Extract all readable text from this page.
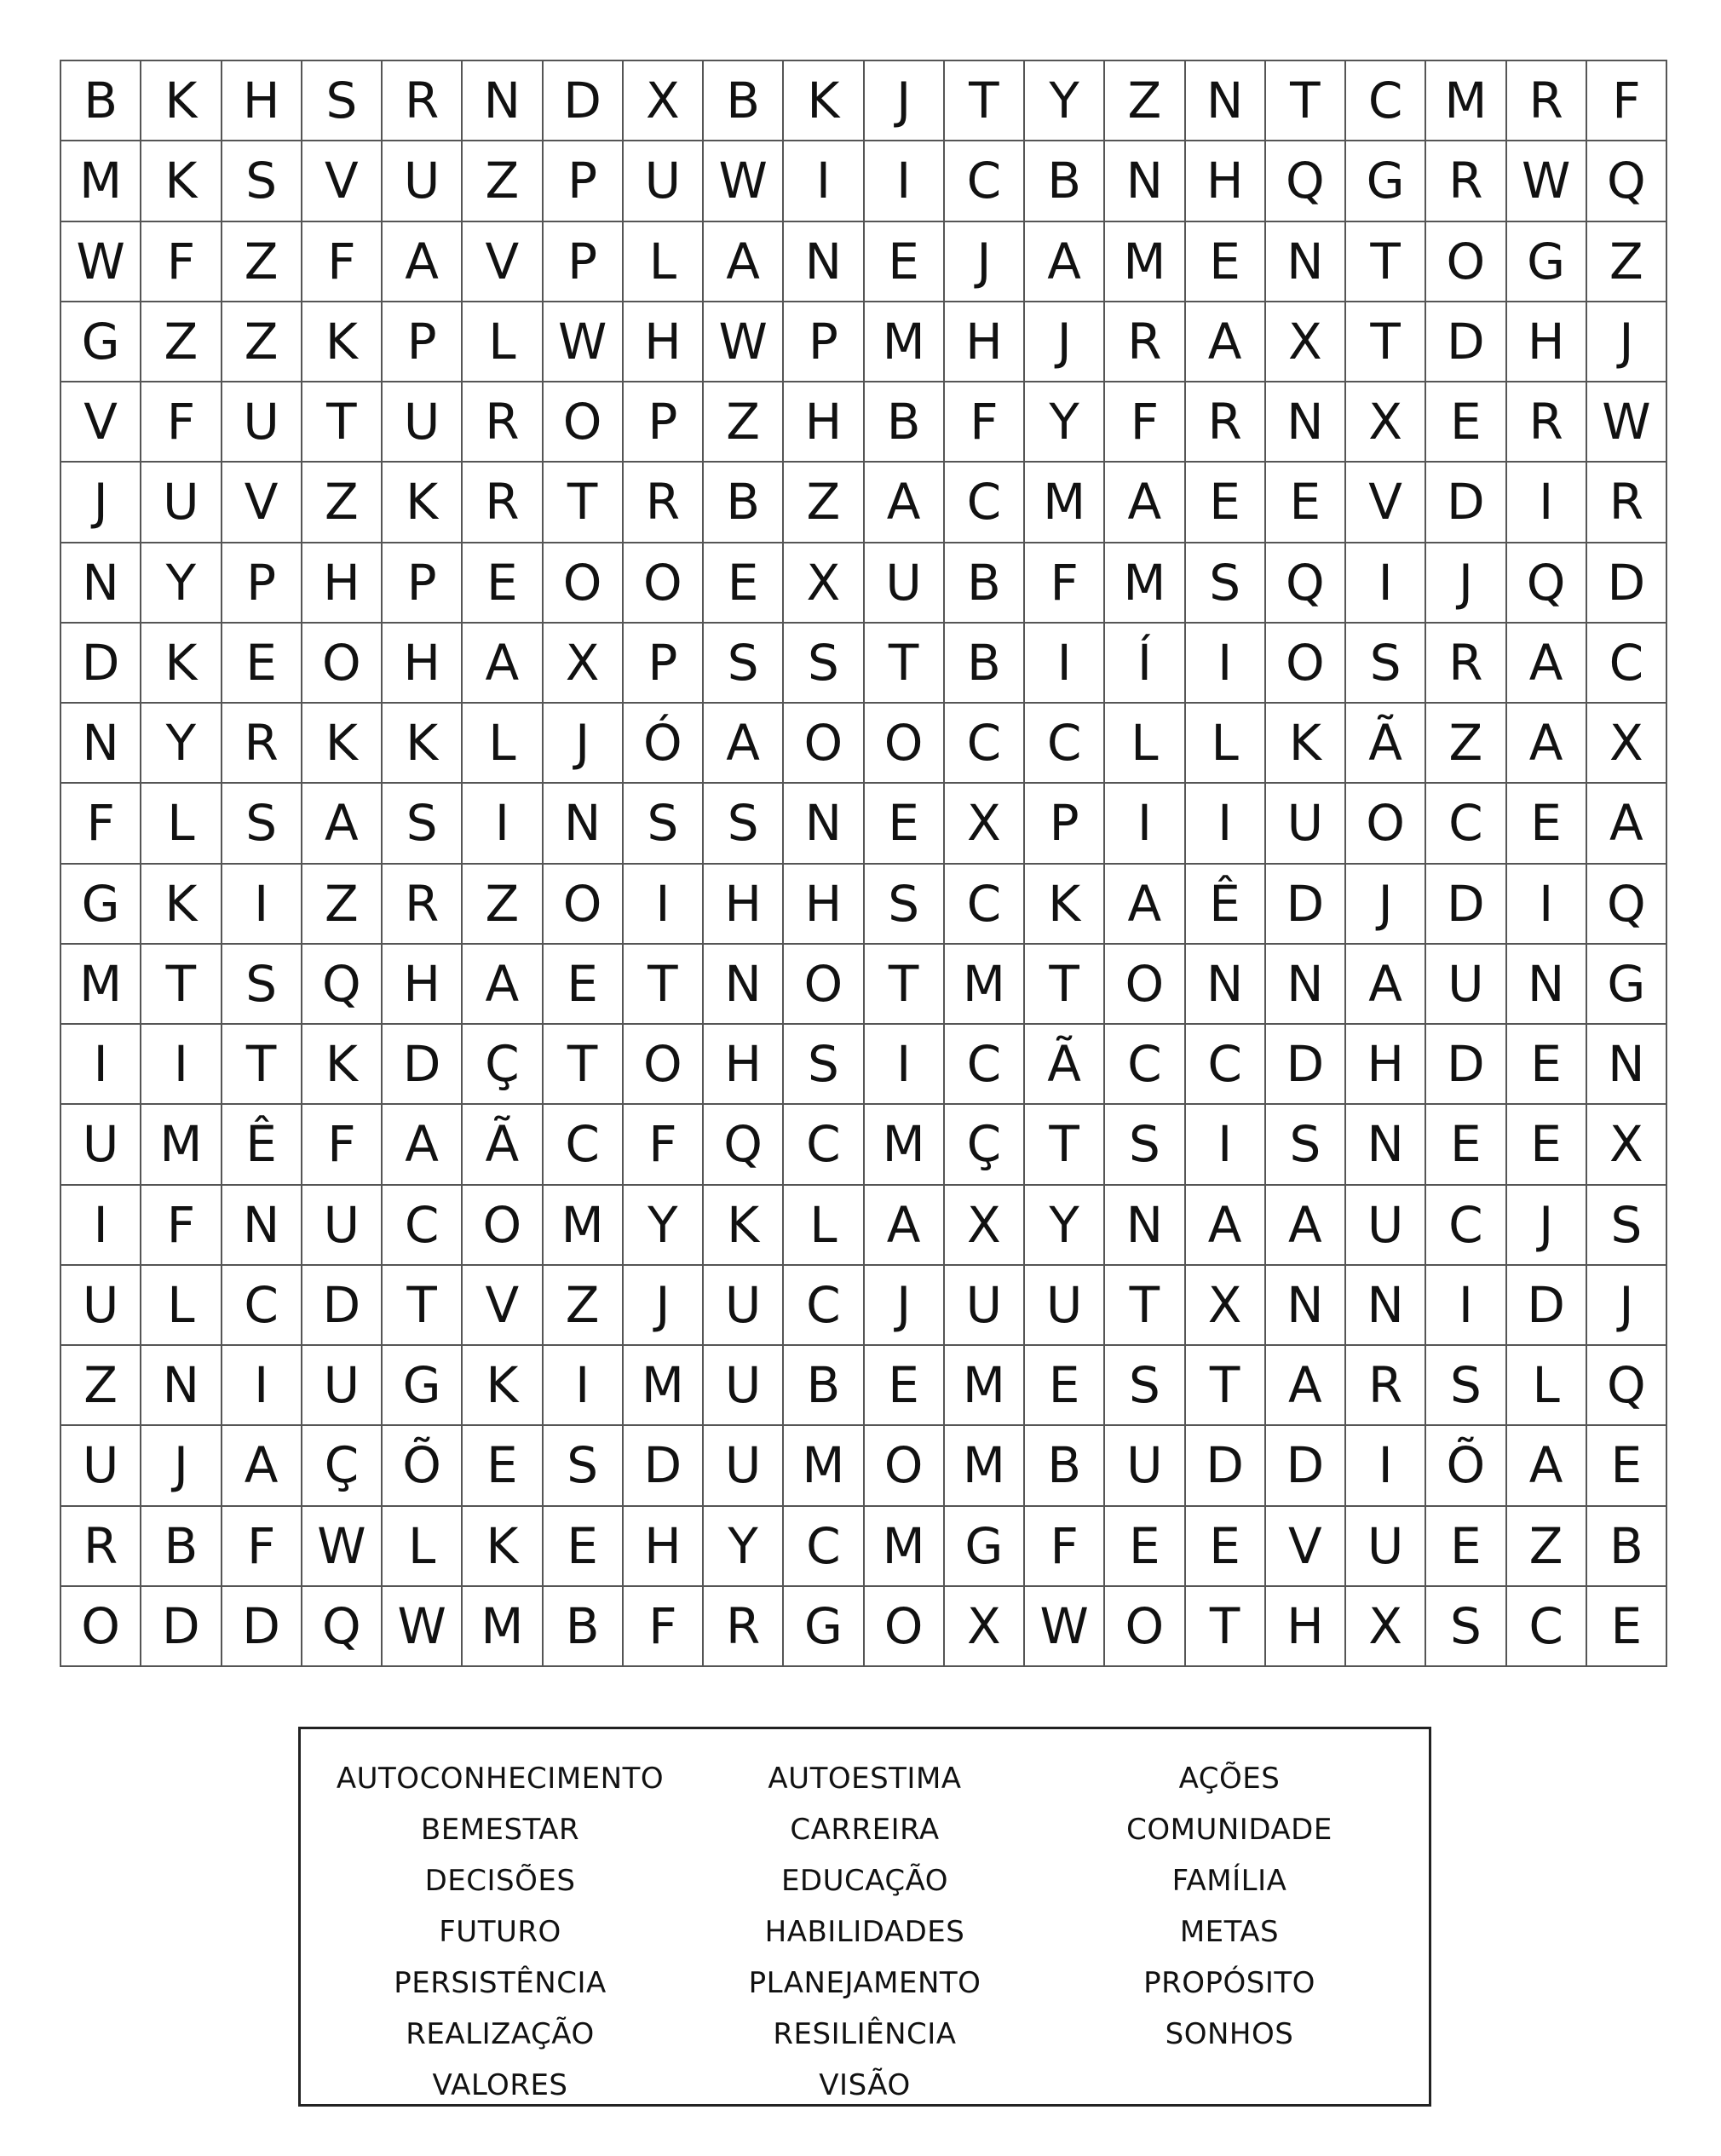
B K H S R N D X B K	J	T	Y Z N T C M R F
M K S V U Z P U W I	I	C B N H Q G R W Q
W F Z F A V P	L	A N E	J	A M E N T O G Z
G Z Z K P	L W H W P M H	J	R A X T D H	J
V F U T U R O P Z H B F	Y	F R N X E R W
J	U V Z K R T R B Z A C M A E E V D	I	R
N Y	P H P	E O O E X U B F M S Q	I	J	Q D
D K E O H A X P	S S	T B	I	Í	I	O S R A C
N Y R K K	L	J	Ó A O O C C L	L	K Ã Z A X
F	L	S A S	I	N S S N E X P	I	I	U O C E A
G K	I	Z R Z O	I	H H S C K A Ê D	J	D	I	Q
M T	S Q H A E	T N O T M T O N N A U N G
I	I	T K D Ç T O H S	I	C Ã C C D H D E N
U M Ê	F A Ã C F Q C M Ç T	S	I	S N E E X
I	F N U C O M Y K	L	A X Y N A A U C	J	S
U L C D T V Z	J	U C	J	U U T X N N	I	D	J
Z N	I	U G K	I	M U B E M E S	T A R S	L Q
U	J	A Ç Õ E S D U M O M B U D D	I	Õ A E
R B F W L	K E H Y C M G F	E E V U E Z B
O D D Q W M B F R G O X W O T H X S C E
AUTOCONHECIMENTO
BEMESTAR
DECISÕES
FUTURO
PERSISTÊNCIA
REALIZAÇÃO
VALORES
AUTOESTIMA
CARREIRA
EDUCAÇÃO
HABILIDADES
PLANEJAMENTO
RESILIÊNCIA
VISÃO
AÇÕES
COMUNIDADE
FAMÍLIA
METAS
PROPÓSITO
SONHOS
